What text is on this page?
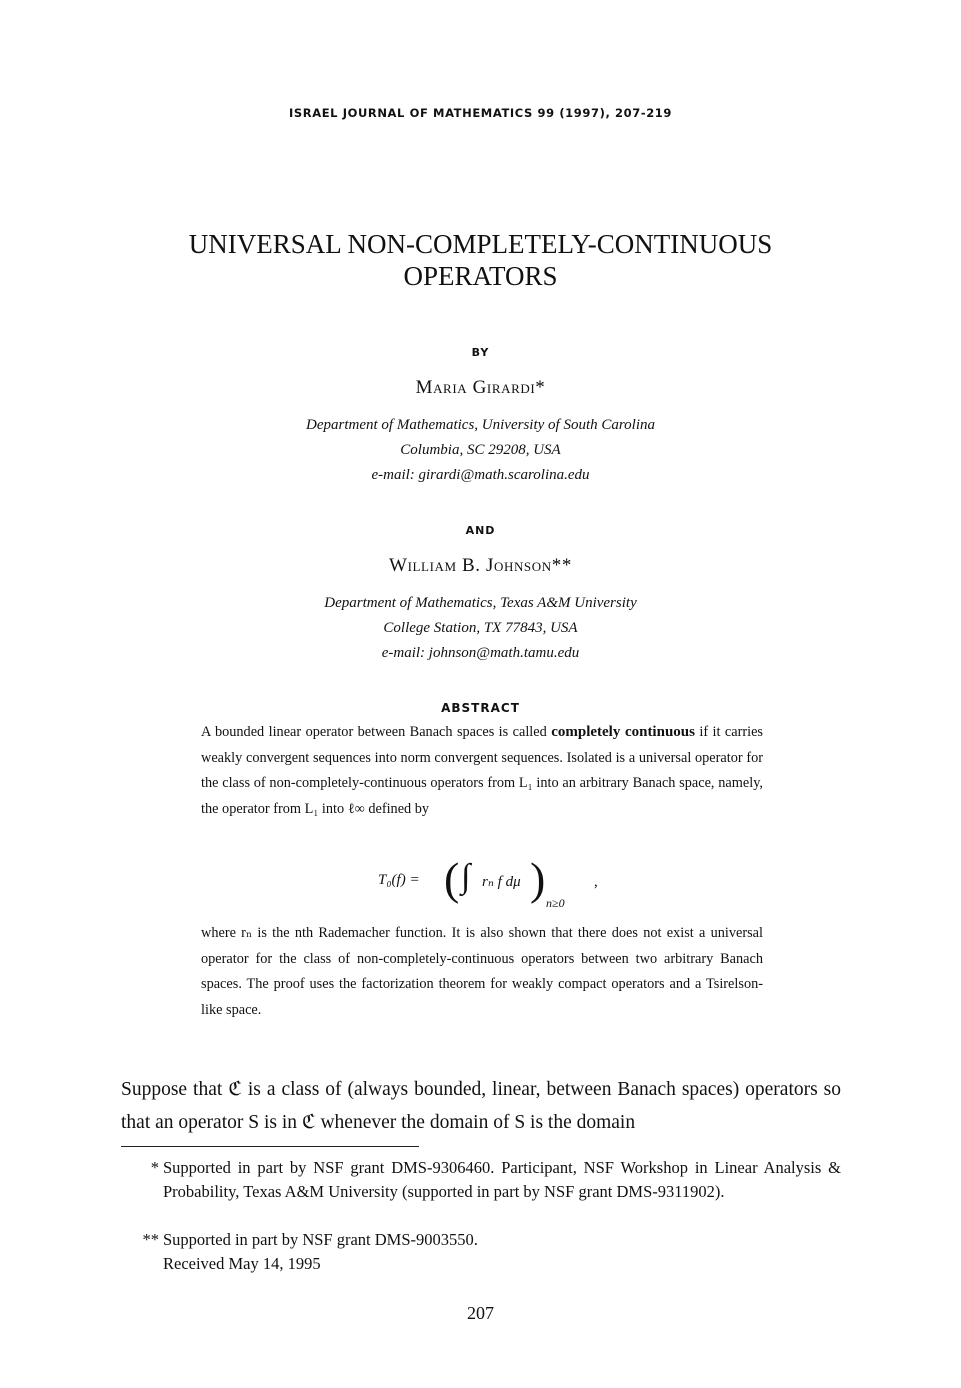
ISRAEL JOURNAL OF MATHEMATICS 99 (1997), 207-219
UNIVERSAL NON-COMPLETELY-CONTINUOUS
OPERATORS
BY
Maria Girardi*
Department of Mathematics, University of South Carolina
Columbia, SC 29208, USA
e-mail: girardi@math.scarolina.edu
AND
William B. Johnson**
Department of Mathematics, Texas A&M University
College Station, TX 77843, USA
e-mail: johnson@math.tamu.edu
ABSTRACT
A bounded linear operator between Banach spaces is called completely continuous if it carries weakly convergent sequences into norm convergent sequences. Isolated is a universal operator for the class of non-completely-continuous operators from L₁ into an arbitrary Banach space, namely, the operator from L₁ into ℓ∞ defined by
T₀(f) = ( ∫ rₙ f dμ ) n≥0
,
where rₙ is the nth Rademacher function. It is also shown that there does not exist a universal operator for the class of non-completely-continuous operators between two arbitrary Banach spaces. The proof uses the factorization theorem for weakly compact operators and a Tsirelson-like space.
Suppose that ℭ is a class of (always bounded, linear, between Banach spaces) operators so that an operator S is in ℭ whenever the domain of S is the domain
* Supported in part by NSF grant DMS-9306460. Participant, NSF Workshop in Linear Analysis & Probability, Texas A&M University (supported in part by NSF grant DMS-9311902).
** Supported in part by NSF grant DMS-9003550.
Received May 14, 1995
207
